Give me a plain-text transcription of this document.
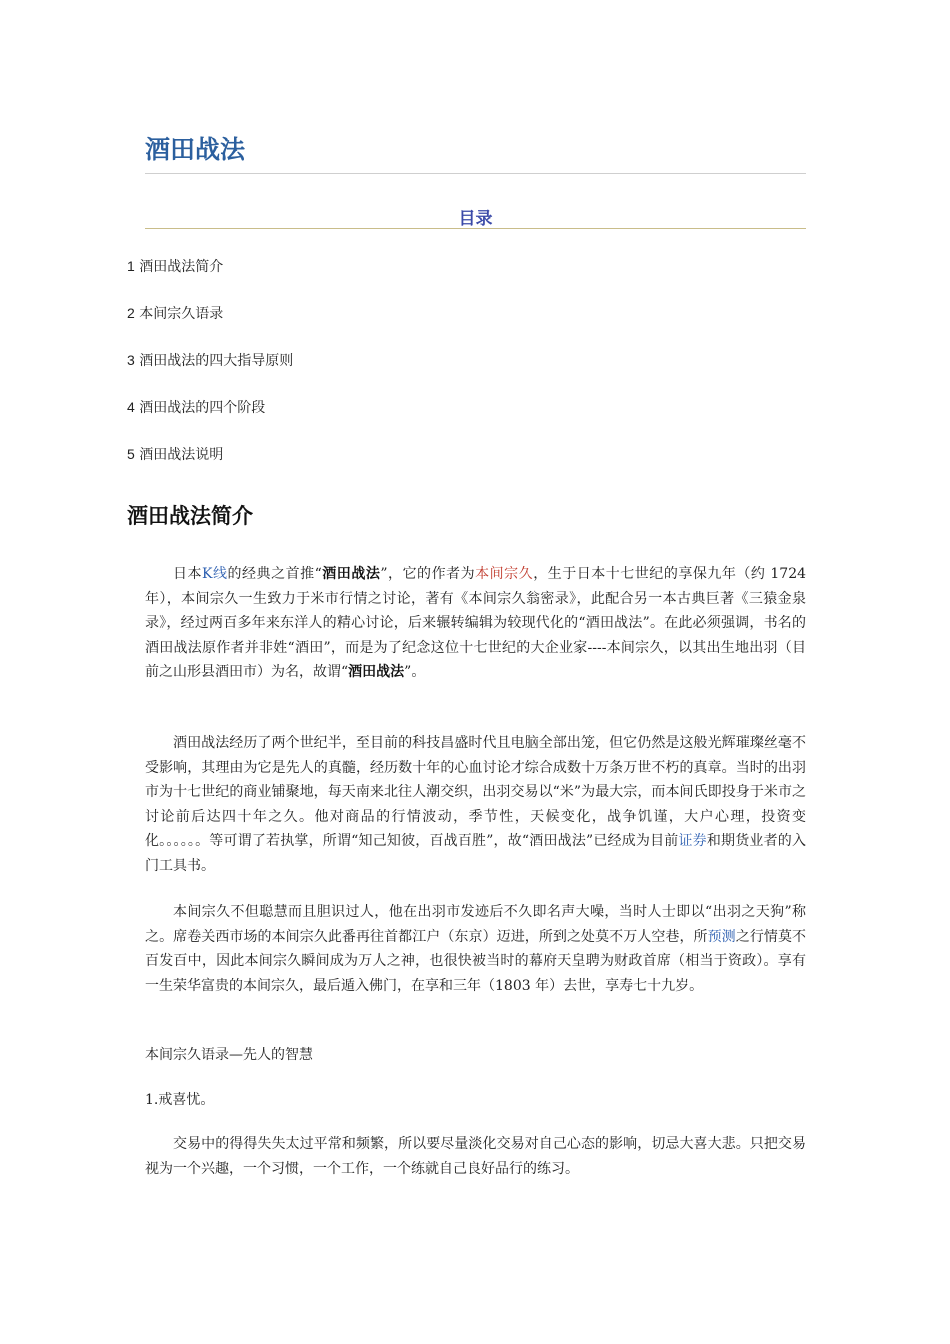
酒田战法
目录
1 酒田战法简介
2 本间宗久语录
3 酒田战法的四大指导原则
4 酒田战法的四个阶段
5 酒田战法说明
酒田战法简介

日本K线的经典之首推“酒田战法”，它的作者为本间宗久，生于日本十七世纪的享保九年（约 1724 年），本间宗久一生致力于米市行情之讨论，著有《本间宗久翁密录》，此配合另一本古典巨著《三猿金泉录》，经过两百多年来东洋人的精心讨论，后来辗转编辑为较现代化的“酒田战法”。在此必须强调，书名的酒田战法原作者并非姓“酒田”，而是为了纪念这位十七世纪的大企业家----本间宗久，以其出生地出羽（目前之山形县酒田市）为名，故谓“酒田战法”。

酒田战法经历了两个世纪半，至目前的科技昌盛时代且电脑全部出笼，但它仍然是这般光辉璀璨丝毫不受影响，其理由为它是先人的真髓，经历数十年的心血讨论才综合成数十万条万世不朽的真章。当时的出羽市为十七世纪的商业铺聚地，每天南来北往人潮交织，出羽交易以“米”为最大宗，而本间氏即投身于米市之讨论前后达四十年之久。他对商品的行情波动，季节性，天候变化，战争饥谨，大户心理，投资变化。。。。。。等可谓了若执掌，所谓“知己知彼，百战百胜”，故“酒田战法”已经成为目前证券和期货业者的入门工具书。

本间宗久不但聪慧而且胆识过人，他在出羽市发迹后不久即名声大噪，当时人士即以“出羽之天狗”称之。席卷关西市场的本间宗久此番再往首都江户（东京）迈进，所到之处莫不万人空巷，所预测之行情莫不百发百中，因此本间宗久瞬间成为万人之神，也很快被当时的幕府天皇聘为财政首席（相当于资政）。享有一生荣华富贵的本间宗久，最后遁入佛门，在享和三年（1803 年）去世，享寿七十九岁。

本间宗久语录—先人的智慧

1.戒喜忧。

交易中的得得失失太过平常和频繁，所以要尽量淡化交易对自己心态的影响，切忌大喜大悲。只把交易视为一个兴趣，一个习惯，一个工作，一个练就自己良好品行的练习。
